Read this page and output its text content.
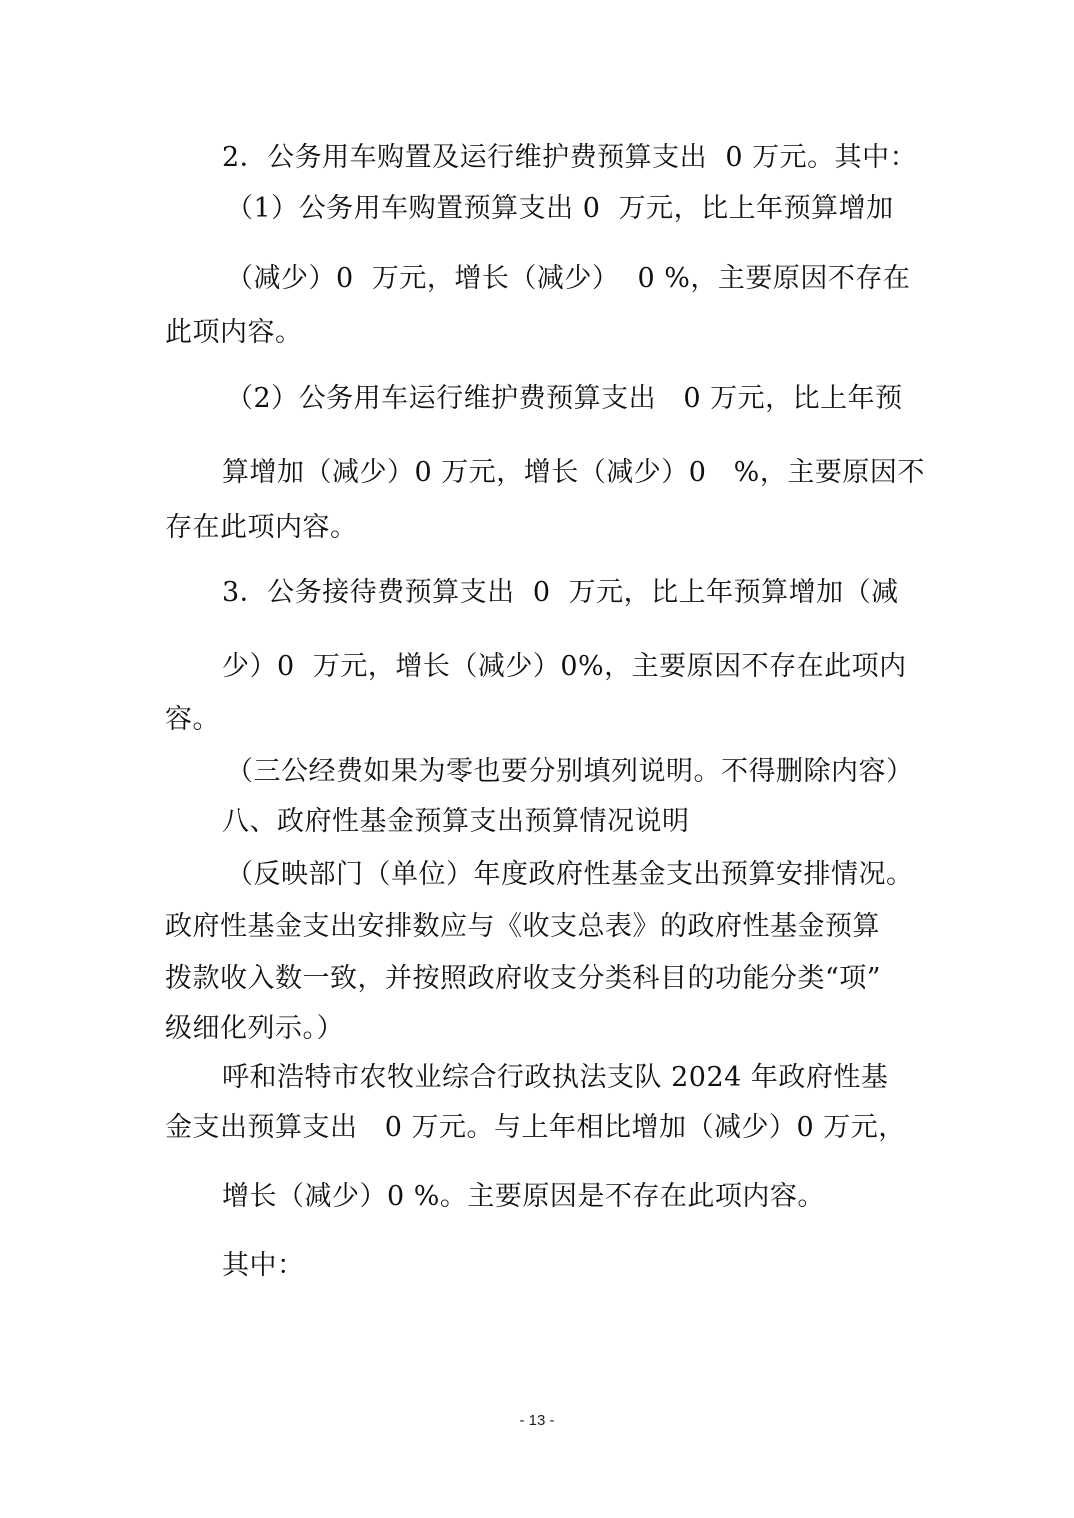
2．公务用车购置及运行维护费预算支出  0 万元。其中：
（1）公务用车购置预算支出 0  万元，比上年预算增加
（减少）0  万元，增长（减少）  0 %，主要原因不存在
此项内容。
（2）公务用车运行维护费预算支出   0 万元，比上年预
算增加（减少）0 万元，增长（减少）0   %，主要原因不
存在此项内容。
3．公务接待费预算支出  0  万元，比上年预算增加（减
少）0  万元，增长（减少）0%，主要原因不存在此项内
容。
（三公经费如果为零也要分别填列说明。不得删除内容）
八、政府性基金预算支出预算情况说明
（反映部门（单位）年度政府性基金支出预算安排情况。
政府性基金支出安排数应与《收支总表》的政府性基金预算
拨款收入数一致，并按照政府收支分类科目的功能分类“项”
级细化列示。）
呼和浩特市农牧业综合行政执法支队 2024 年政府性基
金支出预算支出   0 万元。与上年相比增加（减少）0 万元，
增长（减少）0 %。主要原因是不存在此项内容。
其中：
- 13 -
